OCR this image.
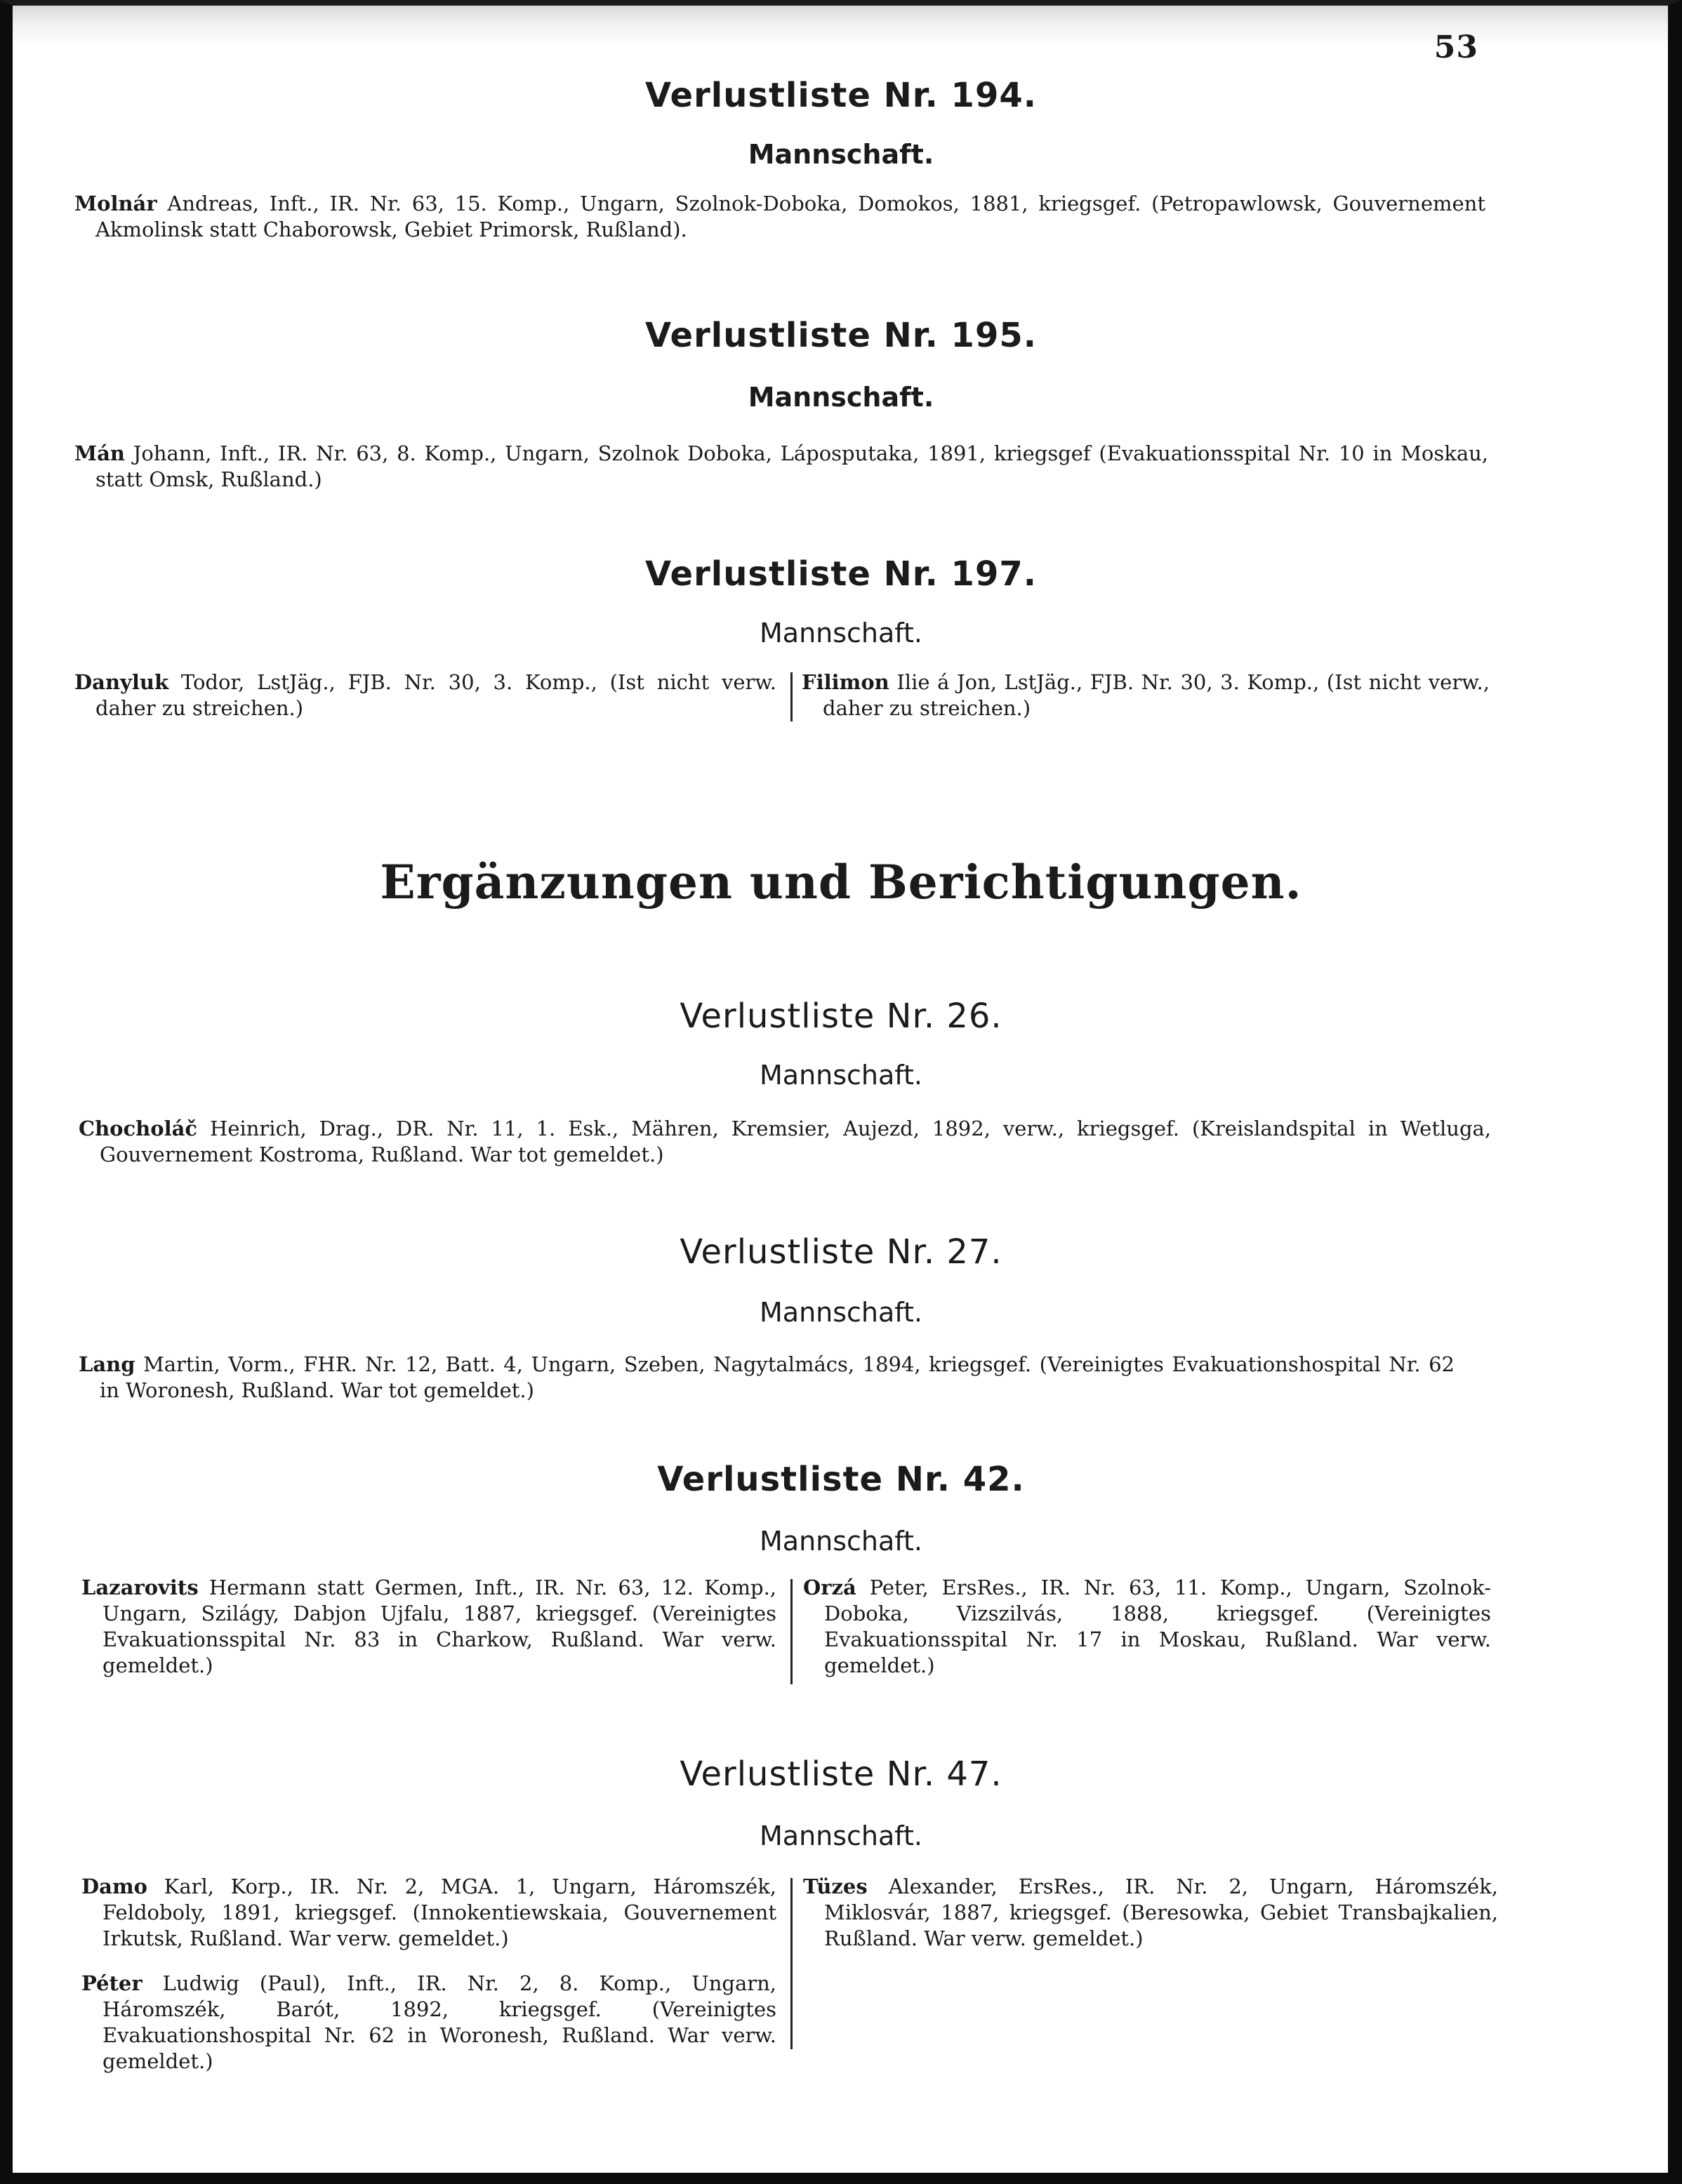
53
Verlustliste Nr. 194.
Mannschaft.
Molnár Andreas, Inft., IR. Nr. 63, 15. Komp., Ungarn, Szolnok-Doboka, Domokos, 1881, kriegsgef. (Petropawlowsk, Gouvernement Akmolinsk statt Chaborowsk, Gebiet Primorsk, Rußland).
Verlustliste Nr. 195.
Mannschaft.
Mán Johann, Inft., IR. Nr. 63, 8. Komp., Ungarn, Szolnok Doboka, Láposputaka, 1891, kriegsgef (Evakuationsspital Nr. 10 in Moskau, statt Omsk, Rußland.)
Verlustliste Nr. 197.
Mannschaft.
Danyluk Todor, LstJäg., FJB. Nr. 30, 3. Komp., (Ist nicht verw. daher zu streichen.)
Filimon Ilie á Jon, LstJäg., FJB. Nr. 30, 3. Komp., (Ist nicht verw., daher zu streichen.)
Ergänzungen und Berichtigungen.
Verlustliste Nr. 26.
Mannschaft.
Chocholáč Heinrich, Drag., DR. Nr. 11, 1. Esk., Mähren, Kremsier, Aujezd, 1892, verw., kriegsgef. (Kreislandspital in Wetluga, Gouvernement Kostroma, Rußland. War tot gemeldet.)
Verlustliste Nr. 27.
Mannschaft.
Lang Martin, Vorm., FHR. Nr. 12, Batt. 4, Ungarn, Szeben, Nagytalmács, 1894, kriegsgef. (Vereinigtes Evakuationshospital Nr. 62 in Woronesh, Rußland. War tot gemeldet.)
Verlustliste Nr. 42.
Mannschaft.
Lazarovits Hermann statt Germen, Inft., IR. Nr. 63, 12. Komp., Ungarn, Szilágy, Dabjon Ujfalu, 1887, kriegsgef. (Vereinigtes Evakuationsspital Nr. 83 in Charkow, Rußland. War verw. gemeldet.)
Orzá Peter, ErsRes., IR. Nr. 63, 11. Komp., Ungarn, Szolnok-Doboka, Vizszilvás, 1888, kriegsgef. (Vereinigtes Evakuationsspital Nr. 17 in Moskau, Rußland. War verw. gemeldet.)
Verlustliste Nr. 47.
Mannschaft.
Damo Karl, Korp., IR. Nr. 2, MGA. 1, Ungarn, Háromszék, Feldoboly, 1891, kriegsgef. (Innokentiewskaia, Gouvernement Irkutsk, Rußland. War verw. gemeldet.)
Péter Ludwig (Paul), Inft., IR. Nr. 2, 8. Komp., Ungarn, Háromszék, Barót, 1892, kriegsgef. (Vereinigtes Evakuationshospital Nr. 62 in Woronesh, Rußland. War verw. gemeldet.)
Tüzes Alexander, ErsRes., IR. Nr. 2, Ungarn, Háromszék, Miklosvár, 1887, kriegsgef. (Beresowka, Gebiet Transbajkalien, Rußland. War verw. gemeldet.)
